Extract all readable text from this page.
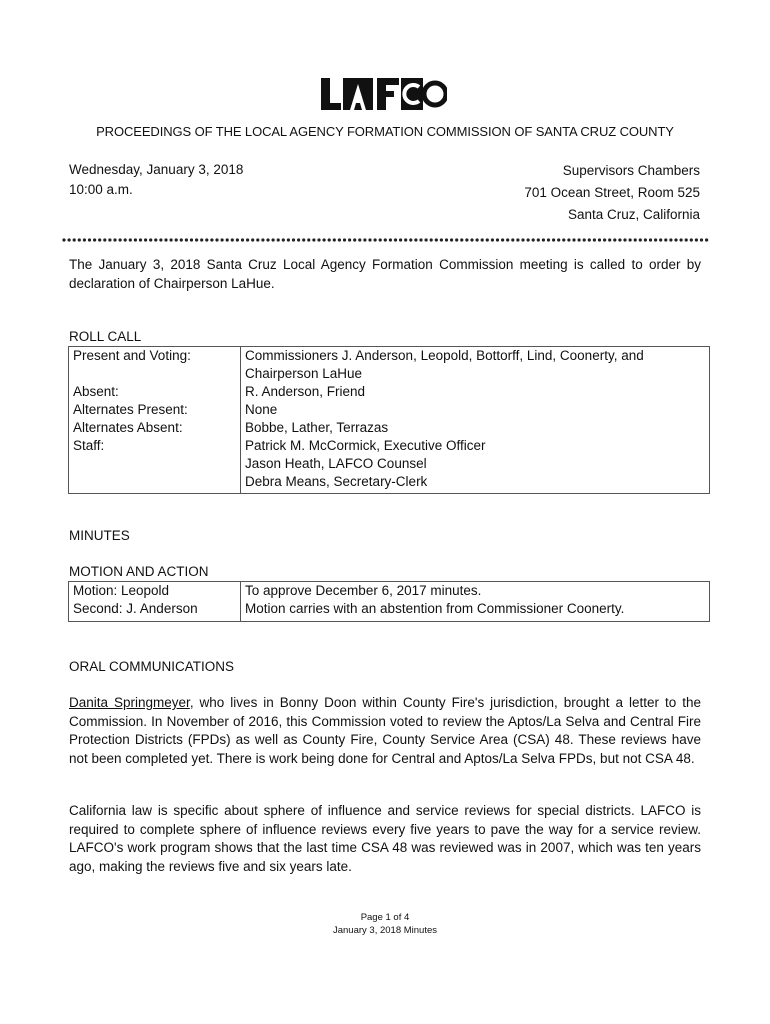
PROCEEDINGS OF THE LOCAL AGENCY FORMATION COMMISSION OF SANTA CRUZ COUNTY
Wednesday, January 3, 2018
10:00 a.m.
Supervisors Chambers
701 Ocean Street, Room 525
Santa Cruz, California
The January 3, 2018 Santa Cruz Local Agency Formation Commission meeting is called to order by declaration of Chairperson LaHue.
ROLL CALL
Present and Voting:	Commissioners J. Anderson, Leopold, Bottorff, Lind, Coonerty, and Chairperson LaHue
Absent:	R. Anderson, Friend
Alternates Present:	None
Alternates Absent:	Bobbe, Lather, Terrazas
Staff:	Patrick M. McCormick, Executive Officer
	Jason Heath, LAFCO Counsel
	Debra Means, Secretary-Clerk

MINUTES
MOTION AND ACTION
Motion: Leopold	To approve December 6, 2017 minutes.
Second: J. Anderson	Motion carries with an abstention from Commissioner Coonerty.

ORAL COMMUNICATIONS
Danita Springmeyer, who lives in Bonny Doon within County Fire's jurisdiction, brought a letter to the Commission. In November of 2016, this Commission voted to review the Aptos/La Selva and Central Fire Protection Districts (FPDs) as well as County Fire, County Service Area (CSA) 48. These reviews have not been completed yet. There is work being done for Central and Aptos/La Selva FPDs, but not CSA 48.
California law is specific about sphere of influence and service reviews for special districts. LAFCO is required to complete sphere of influence reviews every five years to pave the way for a service review. LAFCO's work program shows that the last time CSA 48 was reviewed was in 2007, which was ten years ago, making the reviews five and six years late.
Page 1 of 4
January 3, 2018 Minutes
